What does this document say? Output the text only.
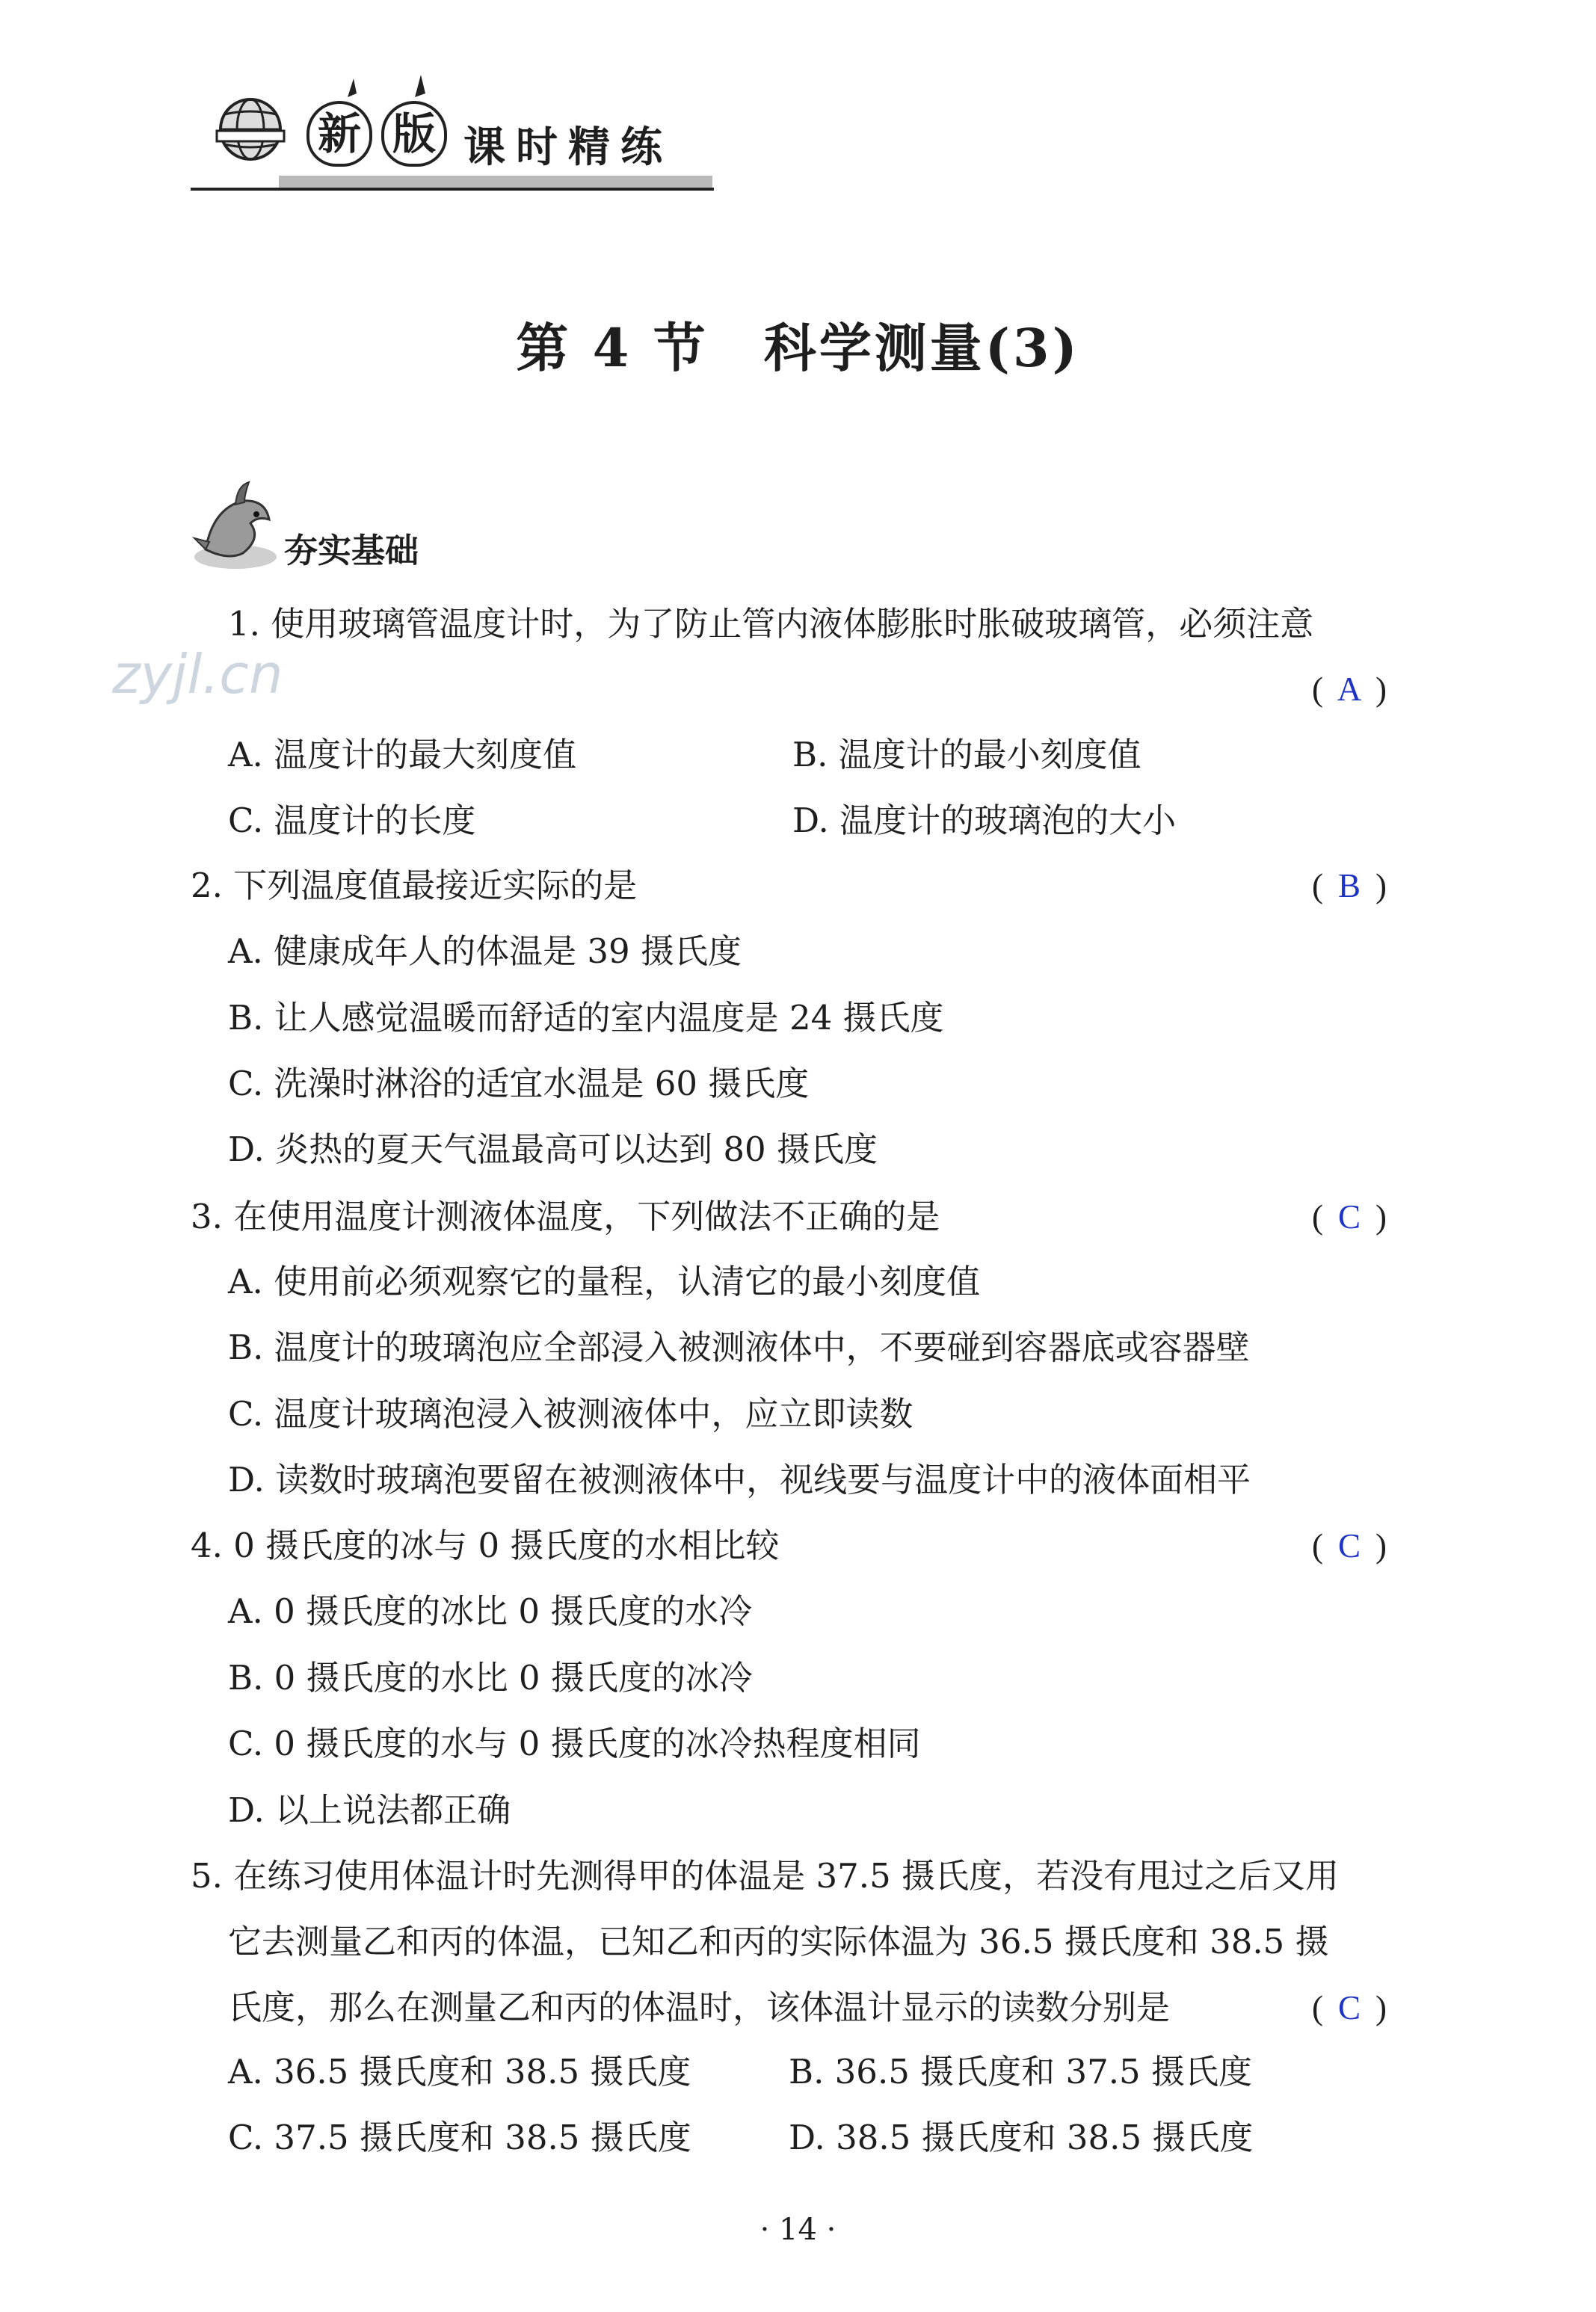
新 版 课时精练
第 4 节　科学测量(3)
夯实基础
zyjl.cn
1. 使用玻璃管温度计时，为了防止管内液体膨胀时胀破玻璃管，必须注意
( A )
A. 温度计的最大刻度值	B. 温度计的最小刻度值
C. 温度计的长度	D. 温度计的玻璃泡的大小
2. 下列温度值最接近实际的是	( B )
A. 健康成年人的体温是 39 摄氏度
B. 让人感觉温暖而舒适的室内温度是 24 摄氏度
C. 洗澡时淋浴的适宜水温是 60 摄氏度
D. 炎热的夏天气温最高可以达到 80 摄氏度
3. 在使用温度计测液体温度，下列做法不正确的是	( C )
A. 使用前必须观察它的量程，认清它的最小刻度值
B. 温度计的玻璃泡应全部浸入被测液体中，不要碰到容器底或容器壁
C. 温度计玻璃泡浸入被测液体中，应立即读数
D. 读数时玻璃泡要留在被测液体中，视线要与温度计中的液体面相平
4. 0 摄氏度的冰与 0 摄氏度的水相比较	( C )
A. 0 摄氏度的冰比 0 摄氏度的水冷
B. 0 摄氏度的水比 0 摄氏度的冰冷
C. 0 摄氏度的水与 0 摄氏度的冰冷热程度相同
D. 以上说法都正确
5. 在练习使用体温计时先测得甲的体温是 37.5 摄氏度，若没有甩过之后又用
它去测量乙和丙的体温，已知乙和丙的实际体温为 36.5 摄氏度和 38.5 摄
氏度，那么在测量乙和丙的体温时，该体温计显示的读数分别是	( C )
A. 36.5 摄氏度和 38.5 摄氏度	B. 36.5 摄氏度和 37.5 摄氏度
C. 37.5 摄氏度和 38.5 摄氏度	D. 38.5 摄氏度和 38.5 摄氏度
· 14 ·
